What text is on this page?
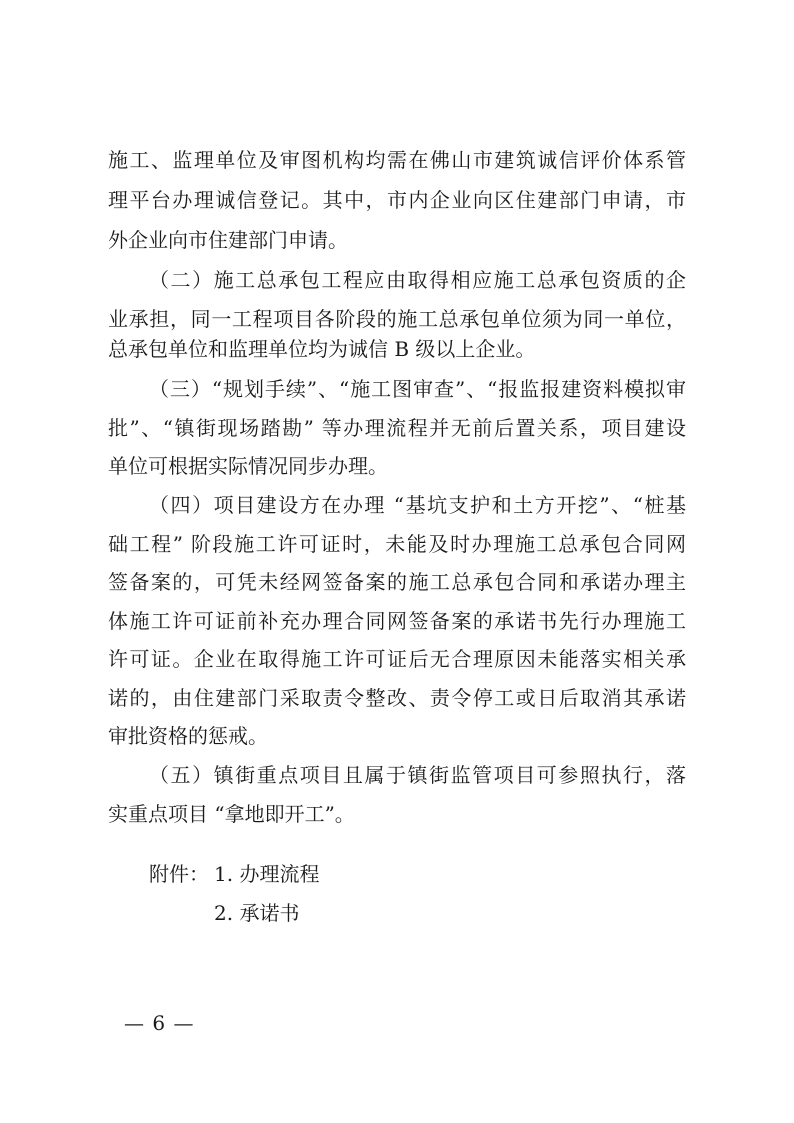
施工、监理单位及审图机构均需在佛山市建筑诚信评价体系管
理平台办理诚信登记。其中，市内企业向区住建部门申请，市
外企业向市住建部门申请。
（二）施工总承包工程应由取得相应施工总承包资质的企
业承担，同一工程项目各阶段的施工总承包单位须为同一单位，
总承包单位和监理单位均为诚信 B 级以上企业。
（三）“规划手续”、“施工图审查”、“报监报建资料模拟审
批”、“镇街现场踏勘” 等办理流程并无前后置关系，项目建设
单位可根据实际情况同步办理。
（四）项目建设方在办理 “基坑支护和土方开挖”、“桩基
础工程” 阶段施工许可证时，未能及时办理施工总承包合同网
签备案的，可凭未经网签备案的施工总承包合同和承诺办理主
体施工许可证前补充办理合同网签备案的承诺书先行办理施工
许可证。企业在取得施工许可证后无合理原因未能落实相关承
诺的，由住建部门采取责令整改、责令停工或日后取消其承诺
审批资格的惩戒。
（五）镇街重点项目且属于镇街监管项目可参照执行，落
实重点项目 “拿地即开工”。
附件： 1. 办理流程
2. 承诺书
— 6 —
